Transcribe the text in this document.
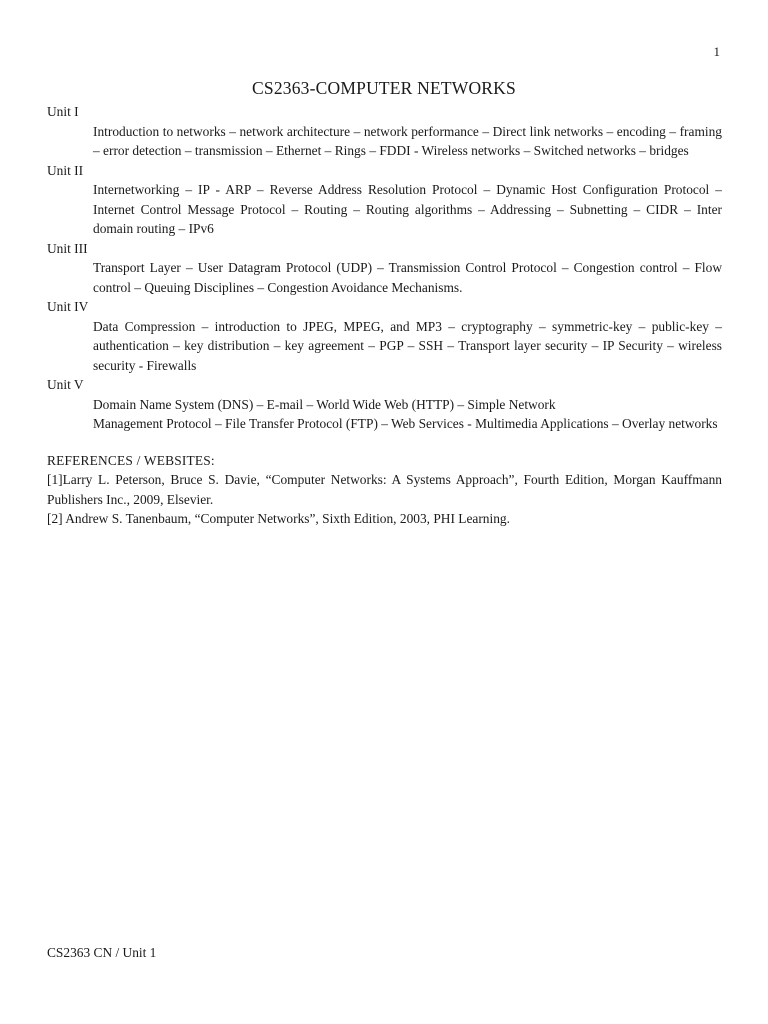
1
CS2363-COMPUTER NETWORKS

Unit I

Introduction to networks – network architecture – network performance – Direct link networks – encoding – framing – error detection – transmission – Ethernet – Rings – FDDI - Wireless networks – Switched networks – bridges

Unit II

Internetworking – IP - ARP – Reverse Address Resolution Protocol – Dynamic Host Configuration Protocol – Internet Control Message Protocol – Routing – Routing algorithms – Addressing – Subnetting – CIDR – Inter domain routing – IPv6

Unit III

Transport Layer – User Datagram Protocol (UDP) – Transmission Control Protocol – Congestion control – Flow control – Queuing Disciplines – Congestion Avoidance Mechanisms.

Unit IV

Data Compression – introduction to JPEG, MPEG, and MP3 – cryptography – symmetric-key – public-key – authentication – key distribution – key agreement – PGP – SSH – Transport layer security – IP Security – wireless security - Firewalls

Unit V

Domain Name System (DNS) – E-mail – World Wide Web (HTTP) – Simple Network

Management Protocol – File Transfer Protocol (FTP) – Web Services - Multimedia Applications – Overlay networks

REFERENCES / WEBSITES:

[1]Larry L. Peterson, Bruce S. Davie, “Computer Networks: A Systems Approach”, Fourth Edition, Morgan Kauffmann Publishers Inc., 2009, Elsevier.

[2] Andrew S. Tanenbaum, “Computer Networks”, Sixth Edition, 2003, PHI Learning.

CS2363 CN / Unit 1
